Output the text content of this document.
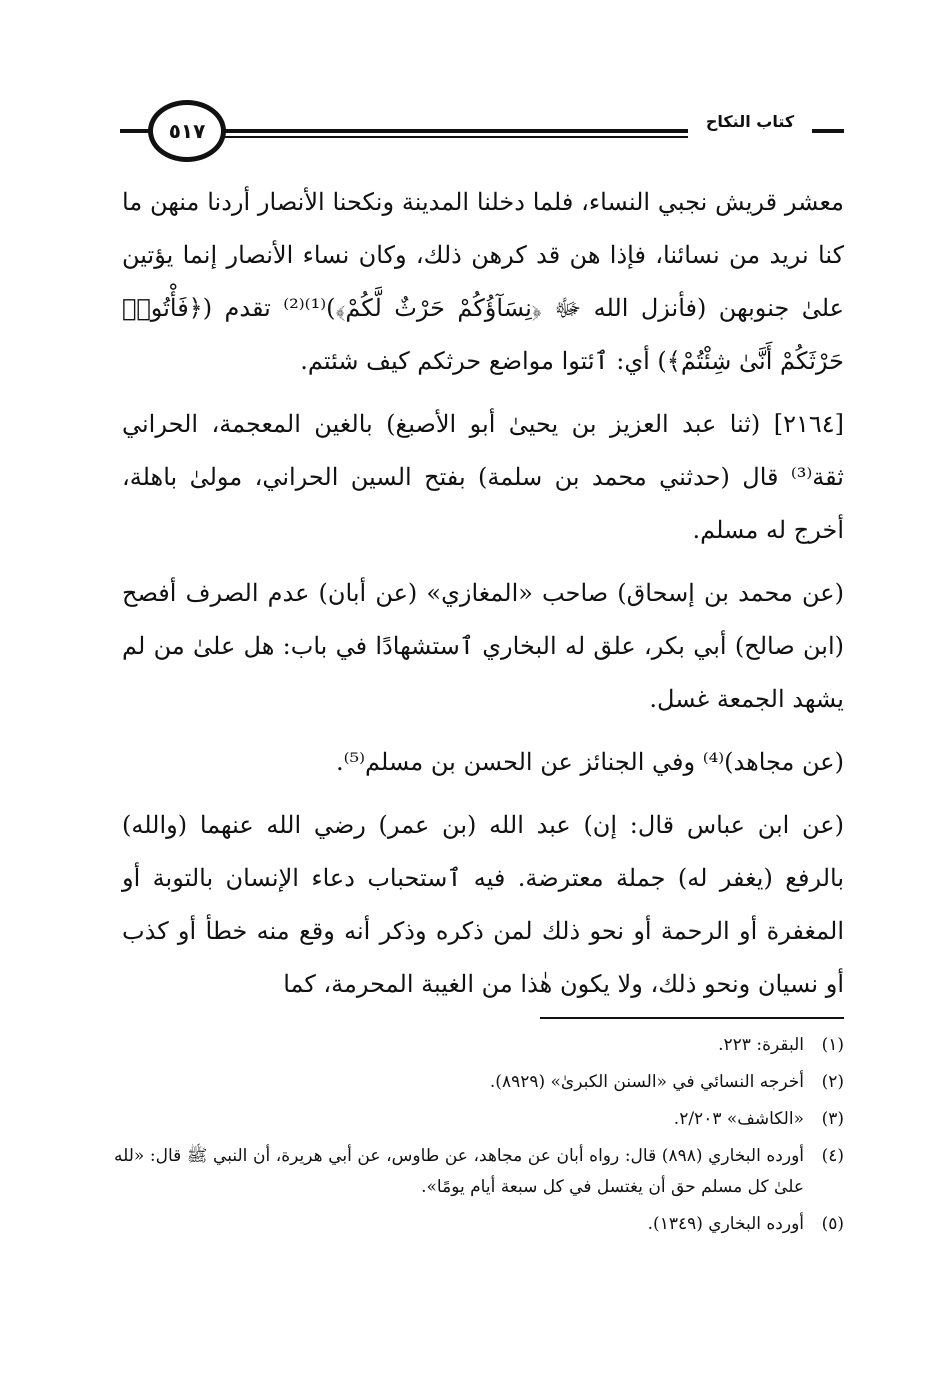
٥١٧	كتاب النكاح

معشر قريش نجبي النساء، فلما دخلنا المدينة ونكحنا الأنصار أردنا منهن ما كنا نريد من نسائنا، فإذا هن قد كرهن ذلك، وكان نساء الأنصار إنما يؤتين علىٰ جنوبهن (فأنزل الله ﷻ ﴿نِسَآؤُكُمْ حَرْثٌ لَّكُمْ﴾)⁽¹⁾⁽²⁾ تقدم (﴿فَأْتُوا۟ حَرْثَكُمْ أَنَّىٰ شِئْتُمْ﴾) أي: ٱئتوا مواضع حرثكم كيف شئتم.

[٢١٦٤] (ثنا عبد العزيز بن يحيىٰ أبو الأصبغ) بالغين المعجمة، الحراني ثقة⁽³⁾ قال (حدثني محمد بن سلمة) بفتح السين الحراني، مولىٰ باهلة، أخرج له مسلم.

(عن محمد بن إسحاق) صاحب «المغازي» (عن أبان) عدم الصرف أفصح (ابن صالح) أبي بكر، علق له البخاري ٱستشهادًا في باب: هل علىٰ من لم يشهد الجمعة غسل.

(عن مجاهد)⁽⁴⁾ وفي الجنائز عن الحسن بن مسلم⁽⁵⁾.

(عن ابن عباس قال: إن) عبد الله (بن عمر) رضي الله عنهما (والله) بالرفع (يغفر له) جملة معترضة. فيه ٱستحباب دعاء الإنسان بالتوبة أو المغفرة أو الرحمة أو نحو ذلك لمن ذكره وذكر أنه وقع منه خطأ أو كذب أو نسيان ونحو ذلك، ولا يكون هٰذا من الغيبة المحرمة، كما

(١)
البقرة: ٢٢٣.
(٢)
أخرجه النسائي في «السنن الكبرىٰ» (٨٩٢٩).
(٣)
«الكاشف» ٢/٢٠٣.
(٤)
أورده البخاري (٨٩٨) قال: رواه أبان عن مجاهد، عن طاوس، عن أبي هريرة، أن النبي ﷺ قال: «لله علىٰ كل مسلم حق أن يغتسل في كل سبعة أيام يومًا».
(٥)
أورده البخاري (١٣٤٩).
